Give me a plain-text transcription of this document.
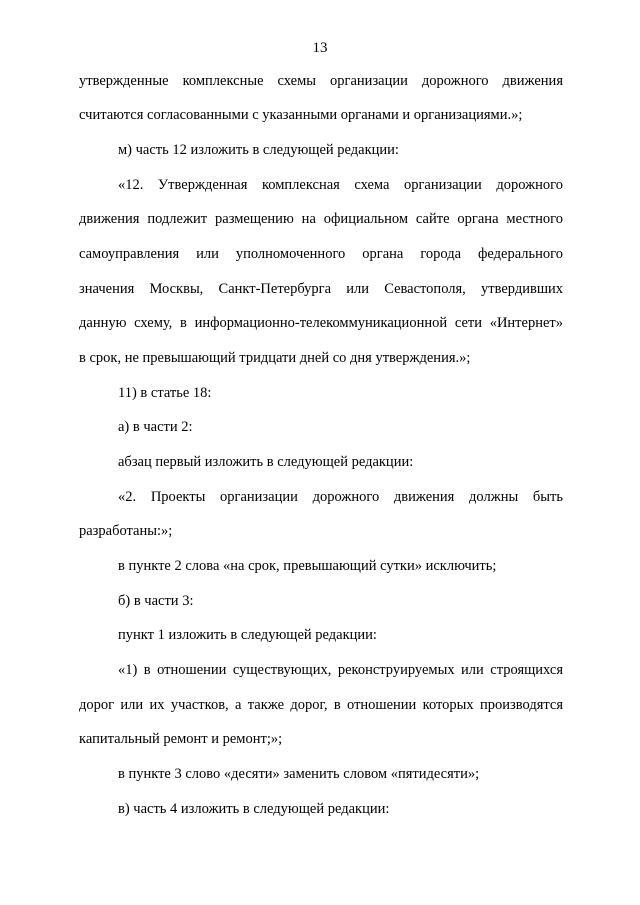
13
утвержденные комплексные схемы организации дорожного движения
считаются согласованными с указанными органами и организациями.»;
м) часть 12 изложить в следующей редакции:
«12. Утвержденная комплексная схема организации дорожного
движения подлежит размещению на официальном сайте органа местного
самоуправления или уполномоченного органа города федерального
значения Москвы, Санкт-Петербурга или Севастополя, утвердивших
данную схему, в информационно-телекоммуникационной сети «Интернет»
в срок, не превышающий тридцати дней со дня утверждения.»;
11) в статье 18:
а) в части 2:
абзац первый изложить в следующей редакции:
«2. Проекты организации дорожного движения должны быть
разработаны:»;
в пункте 2 слова «на срок, превышающий сутки» исключить;
б) в части 3:
пункт 1 изложить в следующей редакции:
«1) в отношении существующих, реконструируемых или строящихся
дорог или их участков, а также дорог, в отношении которых производятся
капитальный ремонт и ремонт;»;
в пункте 3 слово «десяти» заменить словом «пятидесяти»;
в) часть 4 изложить в следующей редакции:
